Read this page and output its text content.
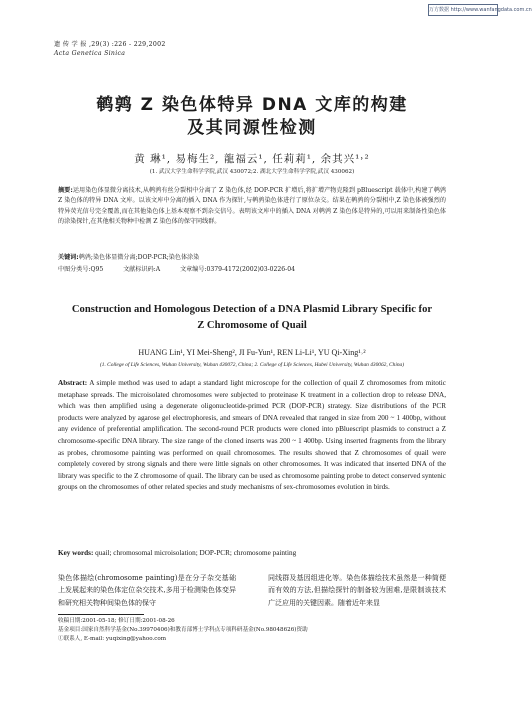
万方数据 http://www.wanfangdata.com.cn
遗 传 学 报 ,29(3) :226 - 229,2002
Acta Genetica Sinica
鹌鹑 Z 染色体特异 DNA 文库的构建
及其同源性检测
黄 琳¹, 易梅生², 龍福云¹, 任莉莉¹, 余其兴¹˒²
(1. 武汉大学生命科学学院,武汉 430072;2. 湖北大学生命科学学院,武汉 430062)
摘要:运用染色体显微分离技术,从鹌鹑有丝分裂相中分离了 Z 染色体,经 DOP-PCR 扩增后,将扩增产物克隆到 pBluescript 载体中,构建了鹌鹑 Z 染色体的特异 DNA 文库。以该文库中分离的插入 DNA 作为探针,与鹌鹑染色体进行了原位杂交。结果在鹌鹑的分裂相中,Z 染色体被强烈的特异荧光信号完全覆盖,而在其他染色体上基本观察不到杂交信号。表明该文库中的插入 DNA 对鹌鹑 Z 染色体是特异的,可以用来制备性染色体的涂染探针,在其他相关物种中检测 Z 染色体的保守同线群。
关键词:鹌鹑;染色体显微分离;DOP-PCR;染色体涂染
中图分类号:Q95	文献标识码:A	文章编号:0379-4172(2002)03-0226-04
Construction and Homologous Detection of a DNA Plasmid Library Specific for
Z Chromosome of Quail
HUANG Lin¹, YI Mei-Sheng², JI Fu-Yun¹, REN Li-Li¹, YU Qi-Xing¹˒²
(1. College of Life Sciences, Wuhan University, Wuhan 430072, China; 2. College of Life Sciences, Hubei University, Wuhan 430062, China)
Abstract: A simple method was used to adapt a standard light microscope for the collection of quail Z chromosomes from mitotic metaphase spreads. The microisolated chromosomes were subjected to proteinase K treatment in a collection drop to release DNA, which was then amplified using a degenerate oligonucleotide-primed PCR (DOP-PCR) strategy. Size distributions of the PCR products were analyzed by agarose gel electrophoresis, and smears of DNA revealed that ranged in size from 200 ~ 1 400bp, without any evidence of preferential amplification. The second-round PCR products were cloned into pBluescript plasmids to construct a Z chromosome-specific DNA library. The size range of the cloned inserts was 200 ~ 1 400bp. Using inserted fragments from the library as probes, chromosome painting was performed on quail chromosomes. The results showed that Z chromosomes of quail were completely covered by strong signals and there were little signals on other chromosomes. It was indicated that inserted DNA of the library was specific to the Z chromosome of quail. The library can be used as chromosome painting probe to detect conserved syntenic groups on the chromosomes of other related species and study mechanisms of sex-chromosomes evolution in birds.
Key words: quail; chromosomal microisolation; DOP-PCR; chromosome painting
染色体描绘(chromosome painting)是在分子杂交基础上发展起来的染色体定位杂交技术,多用于检测染色体变异和研究相关物种间染色体的保守
同线群及基因组进化等。染色体描绘技术虽然是一种简便而有效的方法,但描绘探针的制备较为困难,是限制该技术广泛应用的关键因素。随着近年来显
收稿日期:2001-05-18; 修订日期:2001-08-26
基金项目:国家自然科学基金(No.39970406)和教育部博士学科点专项科研基金(No.98048626)资助
①联系人, E-mail: yuqixing@yahoo.com
